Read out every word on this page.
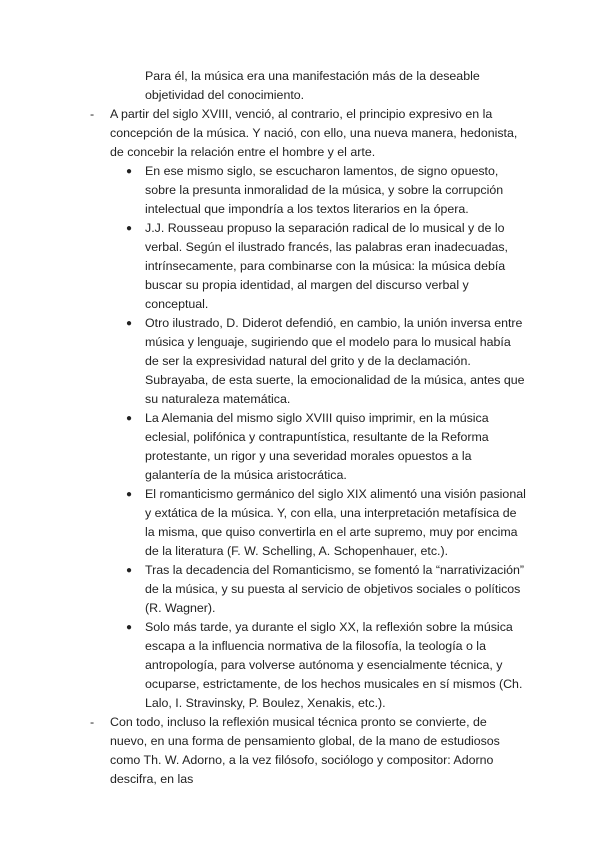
Para él, la música era una manifestación más de la deseable objetividad del conocimiento.

- A partir del siglo XVIII, venció, al contrario, el principio expresivo en la concepción de la música. Y nació, con ello, una nueva manera, hedonista, de concebir la relación entre el hombre y el arte.

● En ese mismo siglo, se escucharon lamentos, de signo opuesto, sobre la presunta inmoralidad de la música, y sobre la corrupción intelectual que impondría a los textos literarios en la ópera.

● J.J. Rousseau propuso la separación radical de lo musical y de lo verbal. Según el ilustrado francés, las palabras eran inadecuadas, intrínsecamente, para combinarse con la música: la música debía buscar su propia identidad, al margen del discurso verbal y conceptual.

● Otro ilustrado, D. Diderot defendió, en cambio, la unión inversa entre música y lenguaje, sugiriendo que el modelo para lo musical había de ser la expresividad natural del grito y de la declamación. Subrayaba, de esta suerte, la emocionalidad de la música, antes que su naturaleza matemática.

● La Alemania del mismo siglo XVIII quiso imprimir, en la música eclesial, polifónica y contrapuntística, resultante de la Reforma protestante, un rigor y una severidad morales opuestos a la galantería de la música aristocrática.

● El romanticismo germánico del siglo XIX alimentó una visión pasional y extática de la música. Y, con ella, una interpretación metafísica de la misma, que quiso convertirla en el arte supremo, muy por encima de la literatura (F. W. Schelling, A. Schopenhauer, etc.).

● Tras la decadencia del Romanticismo, se fomentó la “narrativización” de la música, y su puesta al servicio de objetivos sociales o políticos (R. Wagner).

● Solo más tarde, ya durante el siglo XX, la reflexión sobre la música escapa a la influencia normativa de la filosofía, la teología o la antropología, para volverse autónoma y esencialmente técnica, y ocuparse, estrictamente, de los hechos musicales en sí mismos (Ch. Lalo, I. Stravinsky, P. Boulez, Xenakis, etc.).

- Con todo, incluso la reflexión musical técnica pronto se convierte, de nuevo, en una forma de pensamiento global, de la mano de estudiosos como Th. W. Adorno, a la vez filósofo, sociólogo y compositor: Adorno descifra, en las
